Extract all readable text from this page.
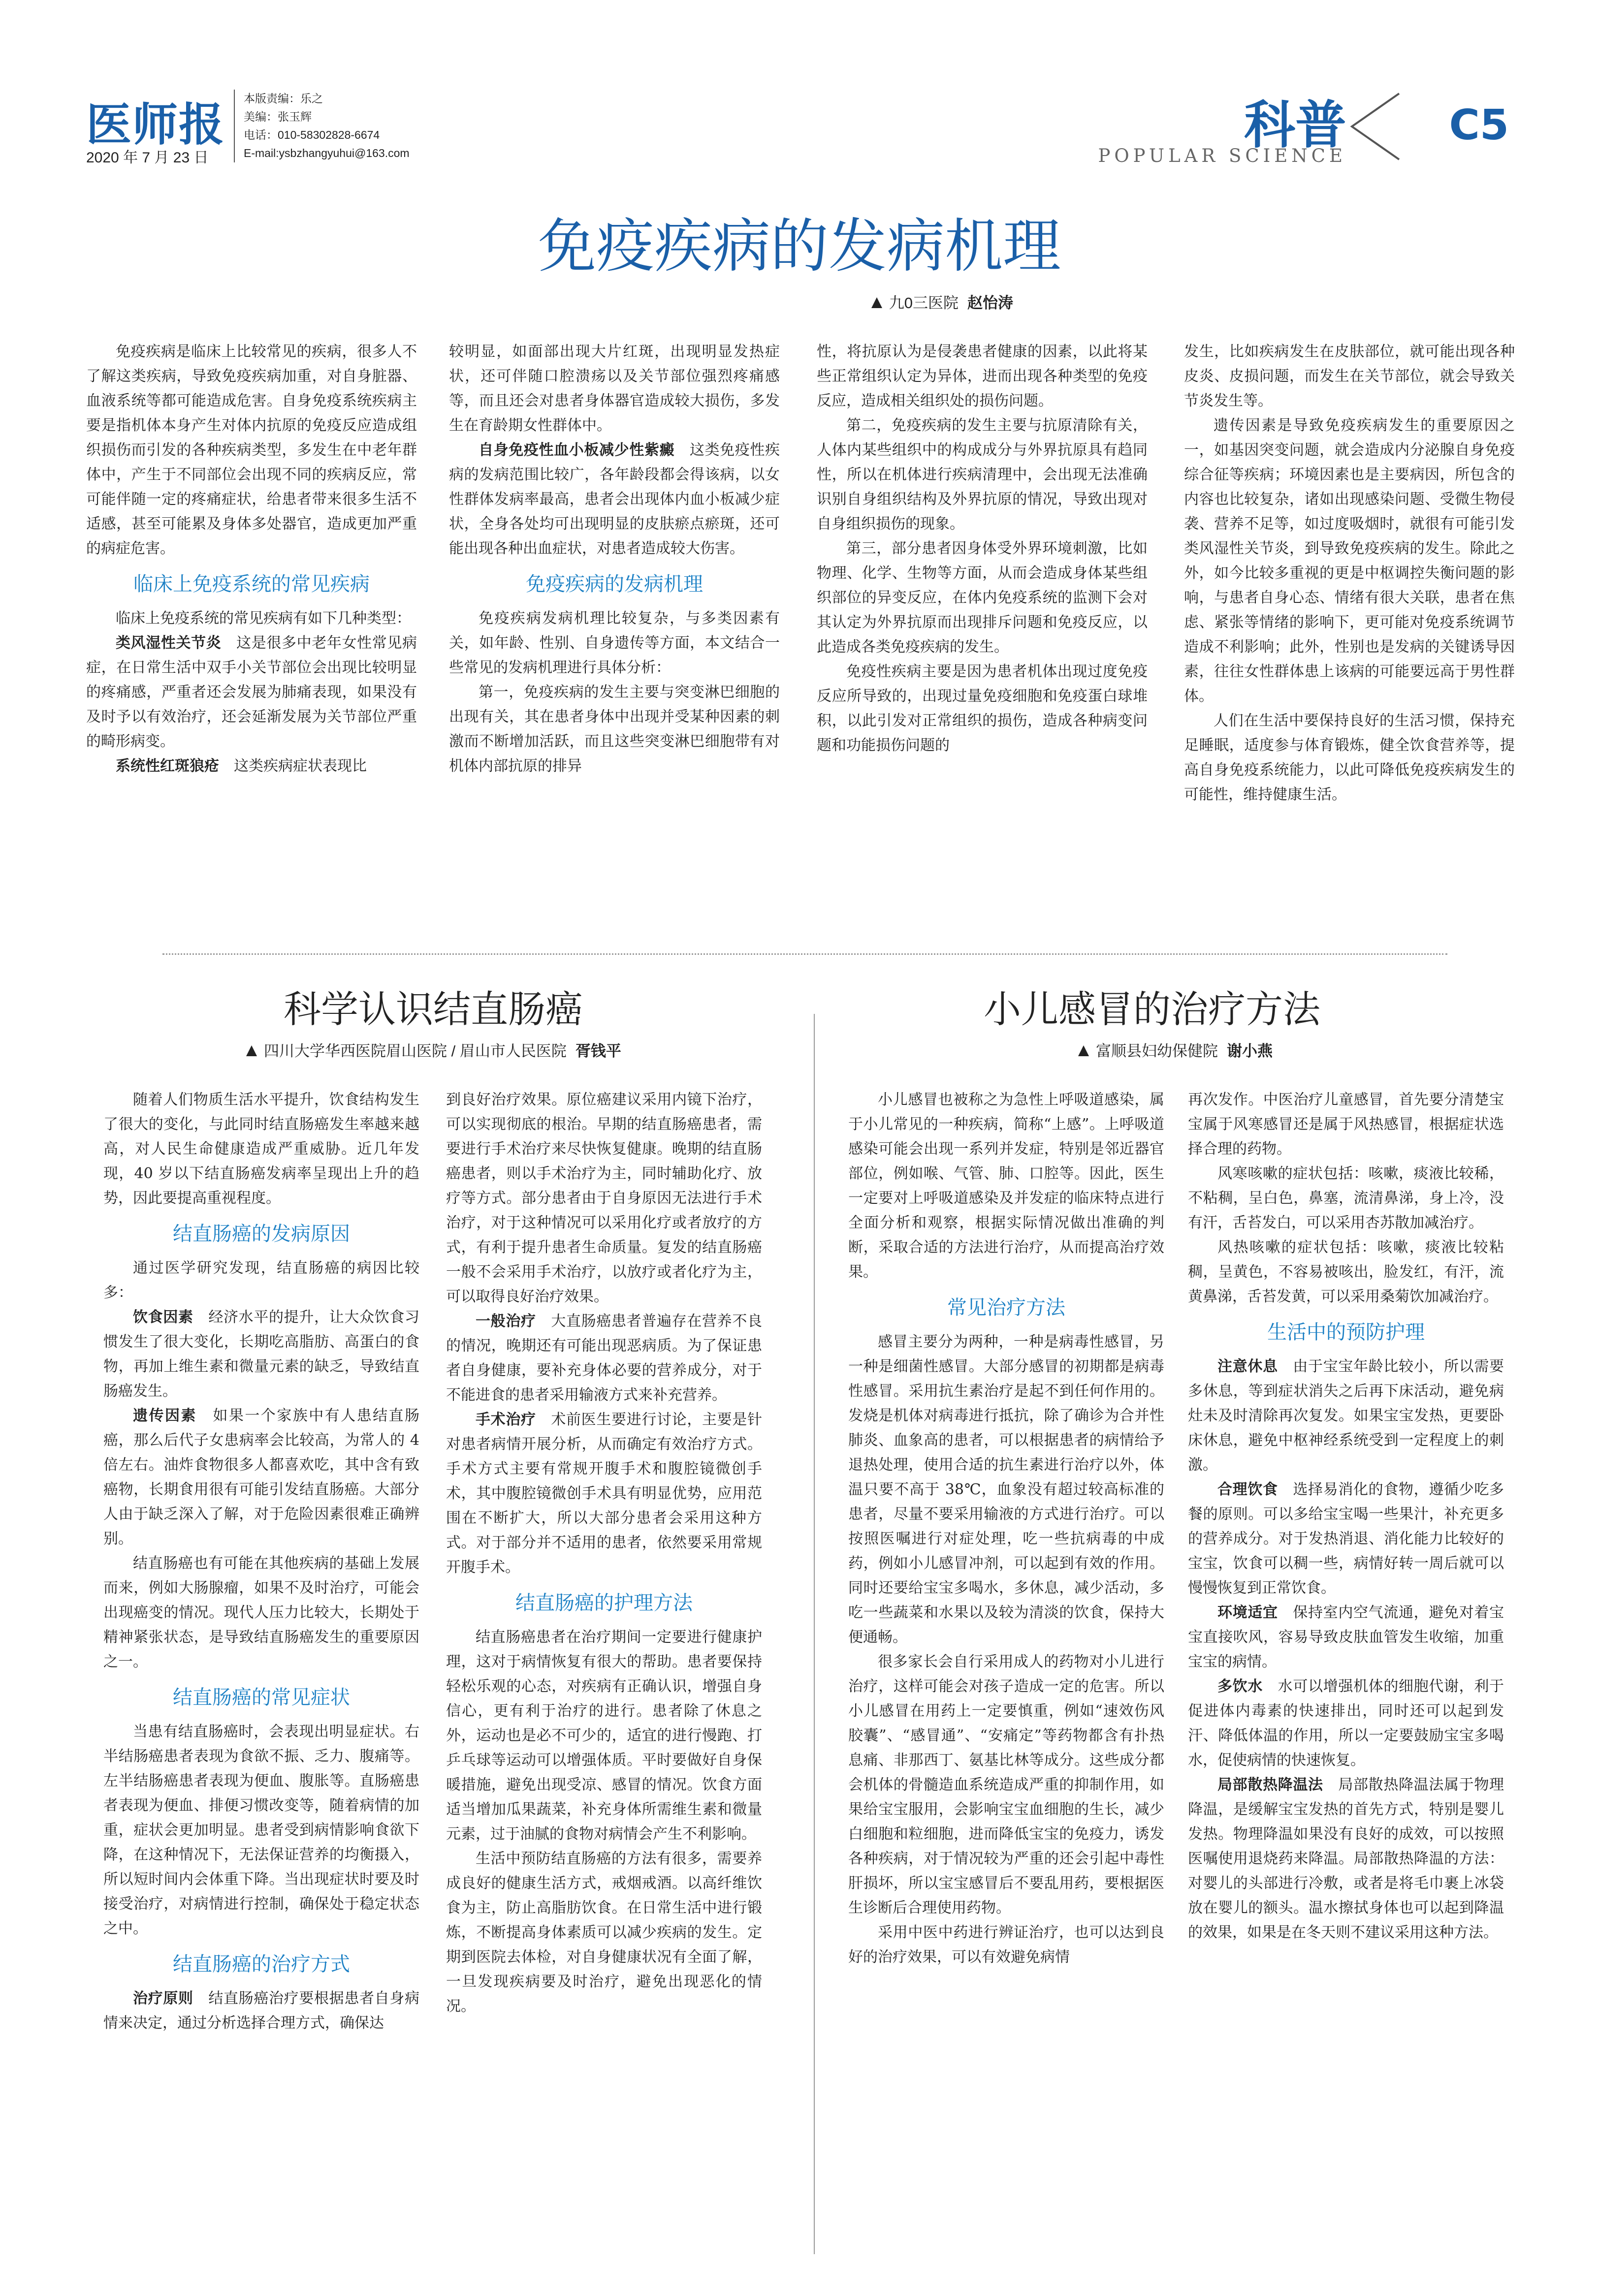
医师报
2020 年 7 月 23 日
本版责编：乐之
美编：张玉辉
电话：010-58302828-6674
E-mail:ysbzhangyuhui@163.com	科普
POPULAR SCIENCE
C5
免疫疾病的发病机理
九0三医院 赵怡涛

免疫疾病是临床上比较常见的疾病，很多人不了解这类疾病，导致免疫疾病加重，对自身脏器、血液系统等都可能造成危害。自身免疫系统疾病主要是指机体本身产生对体内抗原的免疫反应造成组织损伤而引发的各种疾病类型，多发生在中老年群体中，产生于不同部位会出现不同的疾病反应，常可能伴随一定的疼痛症状，给患者带来很多生活不适感，甚至可能累及身体多处器官，造成更加严重的病症危害。

临床上免疫系统的常见疾病

临床上免疫系统的常见疾病有如下几种类型：

类风湿性关节炎　 这是很多中老年女性常见病症，在日常生活中双手小关节部位会出现比较明显的疼痛感，严重者还会发展为肺痛表现，如果没有及时予以有效治疗，还会延渐发展为关节部位严重的畸形病变。

系统性红斑狼疮　 这类疾病症状表现比

较明显，如面部出现大片红斑，出现明显发热症状，还可伴随口腔溃疡以及关节部位强烈疼痛感等，而且还会对患者身体器官造成较大损伤，多发生在育龄期女性群体中。

自身免疫性血小板减少性紫癜　 这类免疫性疾病的发病范围比较广，各年龄段都会得该病，以女性群体发病率最高，患者会出现体内血小板减少症状，全身各处均可出现明显的皮肤瘀点瘀斑，还可能出现各种出血症状，对患者造成较大伤害。

免疫疾病的发病机理

免疫疾病发病机理比较复杂，与多类因素有关，如年龄、性别、自身遗传等方面，本文结合一些常见的发病机理进行具体分析：

第一，免疫疾病的发生主要与突变淋巴细胞的出现有关，其在患者身体中出现并受某种因素的刺激而不断增加活跃，而且这些突变淋巴细胞带有对机体内部抗原的排异

性，将抗原认为是侵袭患者健康的因素，以此将某些正常组织认定为异体，进而出现各种类型的免疫反应，造成相关组织处的损伤问题。

第二，免疫疾病的发生主要与抗原清除有关，人体内某些组织中的构成成分与外界抗原具有趋同性，所以在机体进行疾病清理中，会出现无法准确识别自身组织结构及外界抗原的情况，导致出现对自身组织损伤的现象。

第三，部分患者因身体受外界环境刺激，比如物理、化学、生物等方面，从而会造成身体某些组织部位的异变反应，在体内免疫系统的监测下会对其认定为外界抗原而出现排斥问题和免疫反应，以此造成各类免疫疾病的发生。

免疫性疾病主要是因为患者机体出现过度免疫反应所导致的，出现过量免疫细胞和免疫蛋白球堆积，以此引发对正常组织的损伤，造成各种病变问题和功能损伤问题的

发生，比如疾病发生在皮肤部位，就可能出现各种皮炎、皮损问题，而发生在关节部位，就会导致关节炎发生等。

遗传因素是导致免疫疾病发生的重要原因之一，如基因突变问题，就会造成内分泌腺自身免疫综合征等疾病；环境因素也是主要病因，所包含的内容也比较复杂，诸如出现感染问题、受微生物侵袭、营养不足等，如过度吸烟时，就很有可能引发类风湿性关节炎，到导致免疫疾病的发生。除此之外，如今比较多重视的更是中枢调控失衡问题的影响，与患者自身心态、情绪有很大关联，患者在焦虑、紧张等情绪的影响下，更可能对免疫系统调节造成不利影响；此外，性别也是发病的关键诱导因素，往往女性群体患上该病的可能要远高于男性群体。

人们在生活中要保持良好的生活习惯，保持充足睡眠，适度参与体育锻炼，健全饮食营养等，提高自身免疫系统能力，以此可降低免疫疾病发生的可能性，维持健康生活。

科学认识结直肠癌
四川大学华西医院眉山医院 / 眉山市人民医院 胥钱平

随着人们物质生活水平提升，饮食结构发生了很大的变化，与此同时结直肠癌发生率越来越高，对人民生命健康造成严重威胁。近几年发现，40 岁以下结直肠癌发病率呈现出上升的趋势，因此要提高重视程度。

结直肠癌的发病原因

通过医学研究发现，结直肠癌的病因比较多：

饮食因素　 经济水平的提升，让大众饮食习惯发生了很大变化，长期吃高脂肪、高蛋白的食物，再加上维生素和微量元素的缺乏，导致结直肠癌发生。

遗传因素　 如果一个家族中有人患结直肠癌，那么后代子女患病率会比较高，为常人的 4 倍左右。油炸食物很多人都喜欢吃，其中含有致癌物，长期食用很有可能引发结直肠癌。大部分人由于缺乏深入了解，对于危险因素很难正确辨别。

结直肠癌也有可能在其他疾病的基础上发展而来，例如大肠腺瘤，如果不及时治疗，可能会出现癌变的情况。现代人压力比较大，长期处于精神紧张状态，是导致结直肠癌发生的重要原因之一。

结直肠癌的常见症状

当患有结直肠癌时，会表现出明显症状。右半结肠癌患者表现为食欲不振、乏力、腹痛等。左半结肠癌患者表现为便血、腹胀等。直肠癌患者表现为便血、排便习惯改变等，随着病情的加重，症状会更加明显。患者受到病情影响食欲下降，在这种情况下，无法保证营养的均衡摄入，所以短时间内会体重下降。当出现症状时要及时接受治疗，对病情进行控制，确保处于稳定状态之中。

结直肠癌的治疗方式

治疗原则　 结直肠癌治疗要根据患者自身病情来决定，通过分析选择合理方式，确保达

到良好治疗效果。原位癌建议采用内镜下治疗，可以实现彻底的根治。早期的结直肠癌患者，需要进行手术治疗来尽快恢复健康。晚期的结直肠癌患者，则以手术治疗为主，同时辅助化疗、放疗等方式。部分患者由于自身原因无法进行手术治疗，对于这种情况可以采用化疗或者放疗的方式，有利于提升患者生命质量。复发的结直肠癌一般不会采用手术治疗，以放疗或者化疗为主，可以取得良好治疗效果。

一般治疗　 大直肠癌患者普遍存在营养不良的情况，晚期还有可能出现恶病质。为了保证患者自身健康，要补充身体必要的营养成分，对于不能进食的患者采用输液方式来补充营养。

手术治疗　 术前医生要进行讨论，主要是针对患者病情开展分析，从而确定有效治疗方式。手术方式主要有常规开腹手术和腹腔镜微创手术，其中腹腔镜微创手术具有明显优势，应用范围在不断扩大，所以大部分患者会采用这种方式。对于部分并不适用的患者，依然要采用常规开腹手术。

结直肠癌的护理方法

结直肠癌患者在治疗期间一定要进行健康护理，这对于病情恢复有很大的帮助。患者要保持轻松乐观的心态，对疾病有正确认识，增强自身信心，更有利于治疗的进行。患者除了休息之外，运动也是必不可少的，适宜的进行慢跑、打乒乓球等运动可以增强体质。平时要做好自身保暖措施，避免出现受凉、感冒的情况。饮食方面适当增加瓜果蔬菜，补充身体所需维生素和微量元素，过于油腻的食物对病情会产生不利影响。

生活中预防结直肠癌的方法有很多，需要养成良好的健康生活方式，戒烟戒酒。以高纤维饮食为主，防止高脂肪饮食。在日常生活中进行锻炼，不断提高身体素质可以减少疾病的发生。定期到医院去体检，对自身健康状况有全面了解，一旦发现疾病要及时治疗，避免出现恶化的情况。

小儿感冒的治疗方法
富顺县妇幼保健院 谢小燕

小儿感冒也被称之为急性上呼吸道感染，属于小儿常见的一种疾病，简称“上感”。上呼吸道感染可能会出现一系列并发症，特别是邻近器官部位，例如喉、气管、肺、口腔等。因此，医生一定要对上呼吸道感染及并发症的临床特点进行全面分析和观察，根据实际情况做出准确的判断，采取合适的方法进行治疗，从而提高治疗效果。

常见治疗方法

感冒主要分为两种，一种是病毒性感冒，另一种是细菌性感冒。大部分感冒的初期都是病毒性感冒。采用抗生素治疗是起不到任何作用的。发烧是机体对病毒进行抵抗，除了确诊为合并性肺炎、血象高的患者，可以根据患者的病情给予退热处理，使用合适的抗生素进行治疗以外，体温只要不高于 38℃，血象没有超过较高标准的患者，尽量不要采用输液的方式进行治疗。可以按照医嘱进行对症处理，吃一些抗病毒的中成药，例如小儿感冒冲剂，可以起到有效的作用。同时还要给宝宝多喝水，多休息，减少活动，多吃一些蔬菜和水果以及较为清淡的饮食，保持大便通畅。

很多家长会自行采用成人的药物对小儿进行治疗，这样可能会对孩子造成一定的危害。所以小儿感冒在用药上一定要慎重，例如“速效伤风胶囊”、“感冒通”、“安痛定”等药物都含有扑热息痛、非那西丁、氨基比林等成分。这些成分都会机体的骨髓造血系统造成严重的抑制作用，如果给宝宝服用，会影响宝宝血细胞的生长，减少白细胞和粒细胞，进而降低宝宝的免疫力，诱发各种疾病，对于情况较为严重的还会引起中毒性肝损坏，所以宝宝感冒后不要乱用药，要根据医生诊断后合理使用药物。

采用中医中药进行辨证治疗，也可以达到良好的治疗效果，可以有效避免病情

再次发作。中医治疗儿童感冒，首先要分清楚宝宝属于风寒感冒还是属于风热感冒，根据症状选择合理的药物。

风寒咳嗽的症状包括：咳嗽，痰液比较稀，不粘稠，呈白色，鼻塞，流清鼻涕，身上冷，没有汗，舌苔发白，可以采用杏苏散加减治疗。

风热咳嗽的症状包括：咳嗽，痰液比较粘稠，呈黄色，不容易被咳出，脸发红，有汗，流黄鼻涕，舌苔发黄，可以采用桑菊饮加减治疗。

生活中的预防护理

注意休息　 由于宝宝年龄比较小，所以需要多休息，等到症状消失之后再下床活动，避免病灶未及时清除再次复发。如果宝宝发热，更要卧床休息，避免中枢神经系统受到一定程度上的刺激。

合理饮食　 选择易消化的食物，遵循少吃多餐的原则。可以多给宝宝喝一些果汁，补充更多的营养成分。对于发热消退、消化能力比较好的宝宝，饮食可以稠一些，病情好转一周后就可以慢慢恢复到正常饮食。

环境适宜　 保持室内空气流通，避免对着宝宝直接吹风，容易导致皮肤血管发生收缩，加重宝宝的病情。

多饮水　 水可以增强机体的细胞代谢，利于促进体内毒素的快速排出，同时还可以起到发汗、降低体温的作用，所以一定要鼓励宝宝多喝水，促使病情的快速恢复。

局部散热降温法　 局部散热降温法属于物理降温，是缓解宝宝发热的首先方式，特别是婴儿发热。物理降温如果没有良好的成效，可以按照医嘱使用退烧药来降温。局部散热降温的方法：对婴儿的头部进行冷敷，或者是将毛巾裹上冰袋放在婴儿的额头。温水擦拭身体也可以起到降温的效果，如果是在冬天则不建议采用这种方法。
